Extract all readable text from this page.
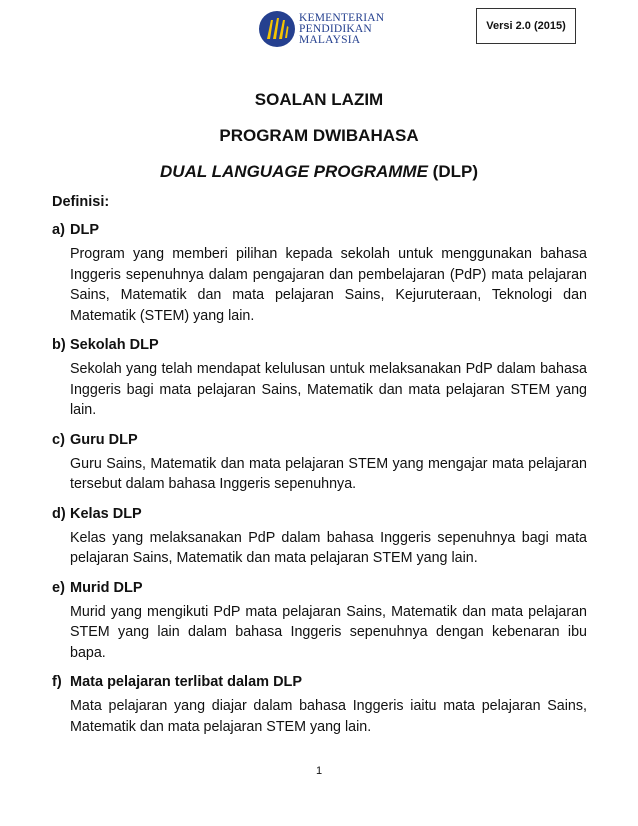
Versi 2.0 (2015)
KEMENTERIAN
PENDIDIKAN
MALAYSIA
SOALAN LAZIM
PROGRAM DWIBAHASA
DUAL LANGUAGE PROGRAMME (DLP)
Definisi:
a) DLP
Program yang memberi pilihan kepada sekolah untuk menggunakan bahasa Inggeris sepenuhnya dalam pengajaran dan pembelajaran (PdP) mata pelajaran Sains, Matematik dan mata pelajaran Sains, Kejuruteraan, Teknologi dan Matematik (STEM) yang lain.
b) Sekolah DLP
Sekolah yang telah mendapat kelulusan untuk melaksanakan PdP dalam bahasa Inggeris bagi mata pelajaran Sains, Matematik dan mata pelajaran STEM yang lain.
c) Guru DLP
Guru Sains, Matematik dan mata pelajaran STEM yang mengajar mata pelajaran tersebut dalam bahasa Inggeris sepenuhnya.
d) Kelas DLP
Kelas yang melaksanakan PdP dalam bahasa Inggeris sepenuhnya bagi mata pelajaran Sains, Matematik dan mata pelajaran STEM yang lain.
e) Murid DLP
Murid yang mengikuti PdP mata pelajaran Sains, Matematik dan mata pelajaran STEM yang lain dalam bahasa Inggeris sepenuhnya dengan kebenaran ibu bapa.
f) Mata pelajaran terlibat dalam DLP
Mata pelajaran yang diajar dalam bahasa Inggeris iaitu mata pelajaran Sains, Matematik dan mata pelajaran STEM yang lain.
1
